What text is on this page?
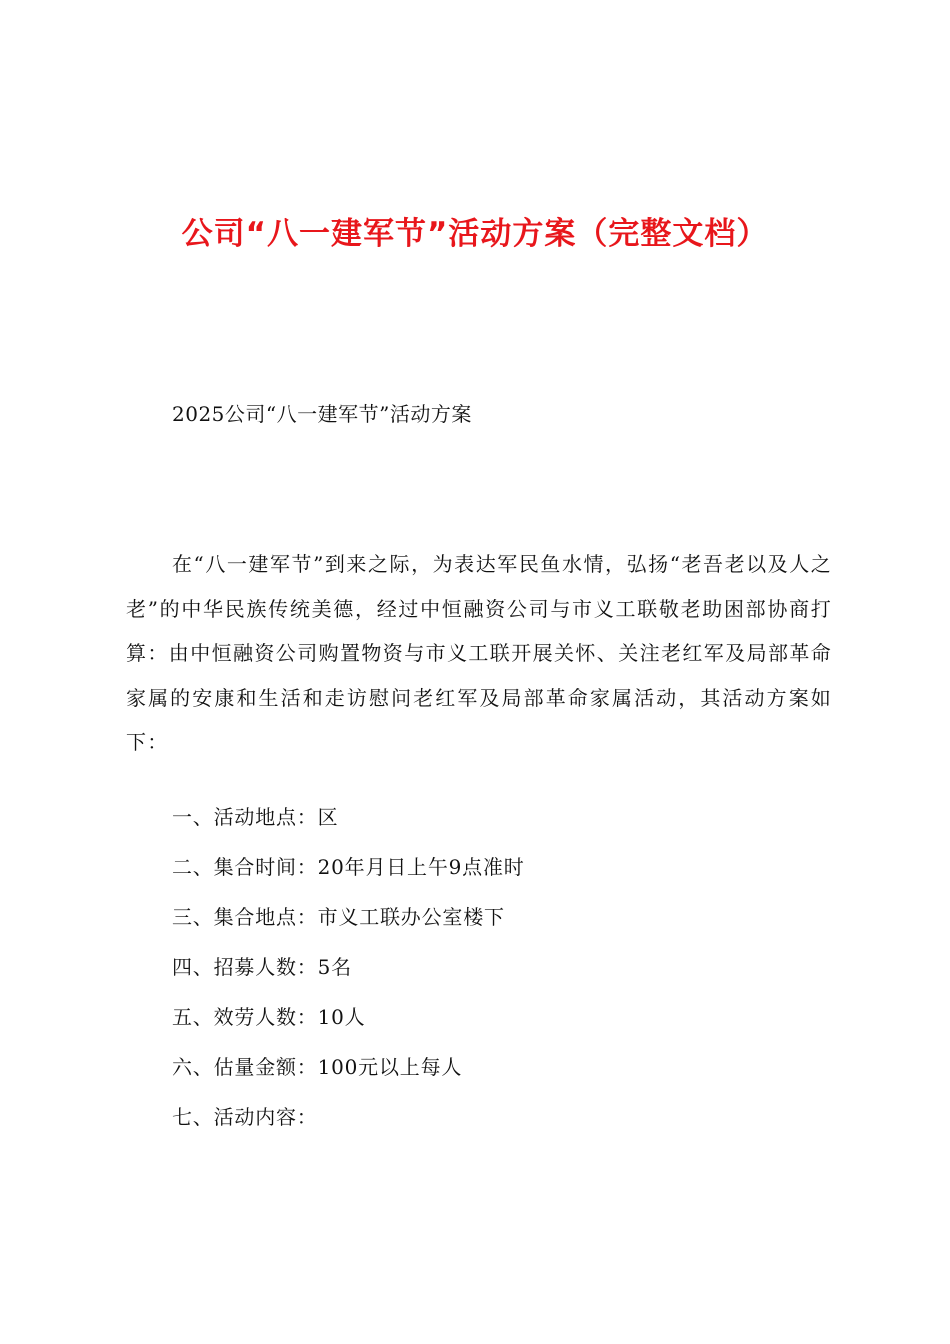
公司“八一建军节”活动方案（完整文档）
2025公司“八一建军节”活动方案

在“八一建军节”到来之际，为表达军民鱼水情，弘扬“老吾老以及人之老”的中华民族传统美德，经过中恒融资公司与市义工联敬老助困部协商打算：由中恒融资公司购置物资与市义工联开展关怀、关注老红军及局部革命家属的安康和生活和走访慰问老红军及局部革命家属活动，其活动方案如下：

一、活动地点：区
二、集合时间：20年月日上午9点准时
三、集合地点：市义工联办公室楼下
四、招募人数：5名
五、效劳人数：10人
六、估量金额：100元以上每人
七、活动内容：
